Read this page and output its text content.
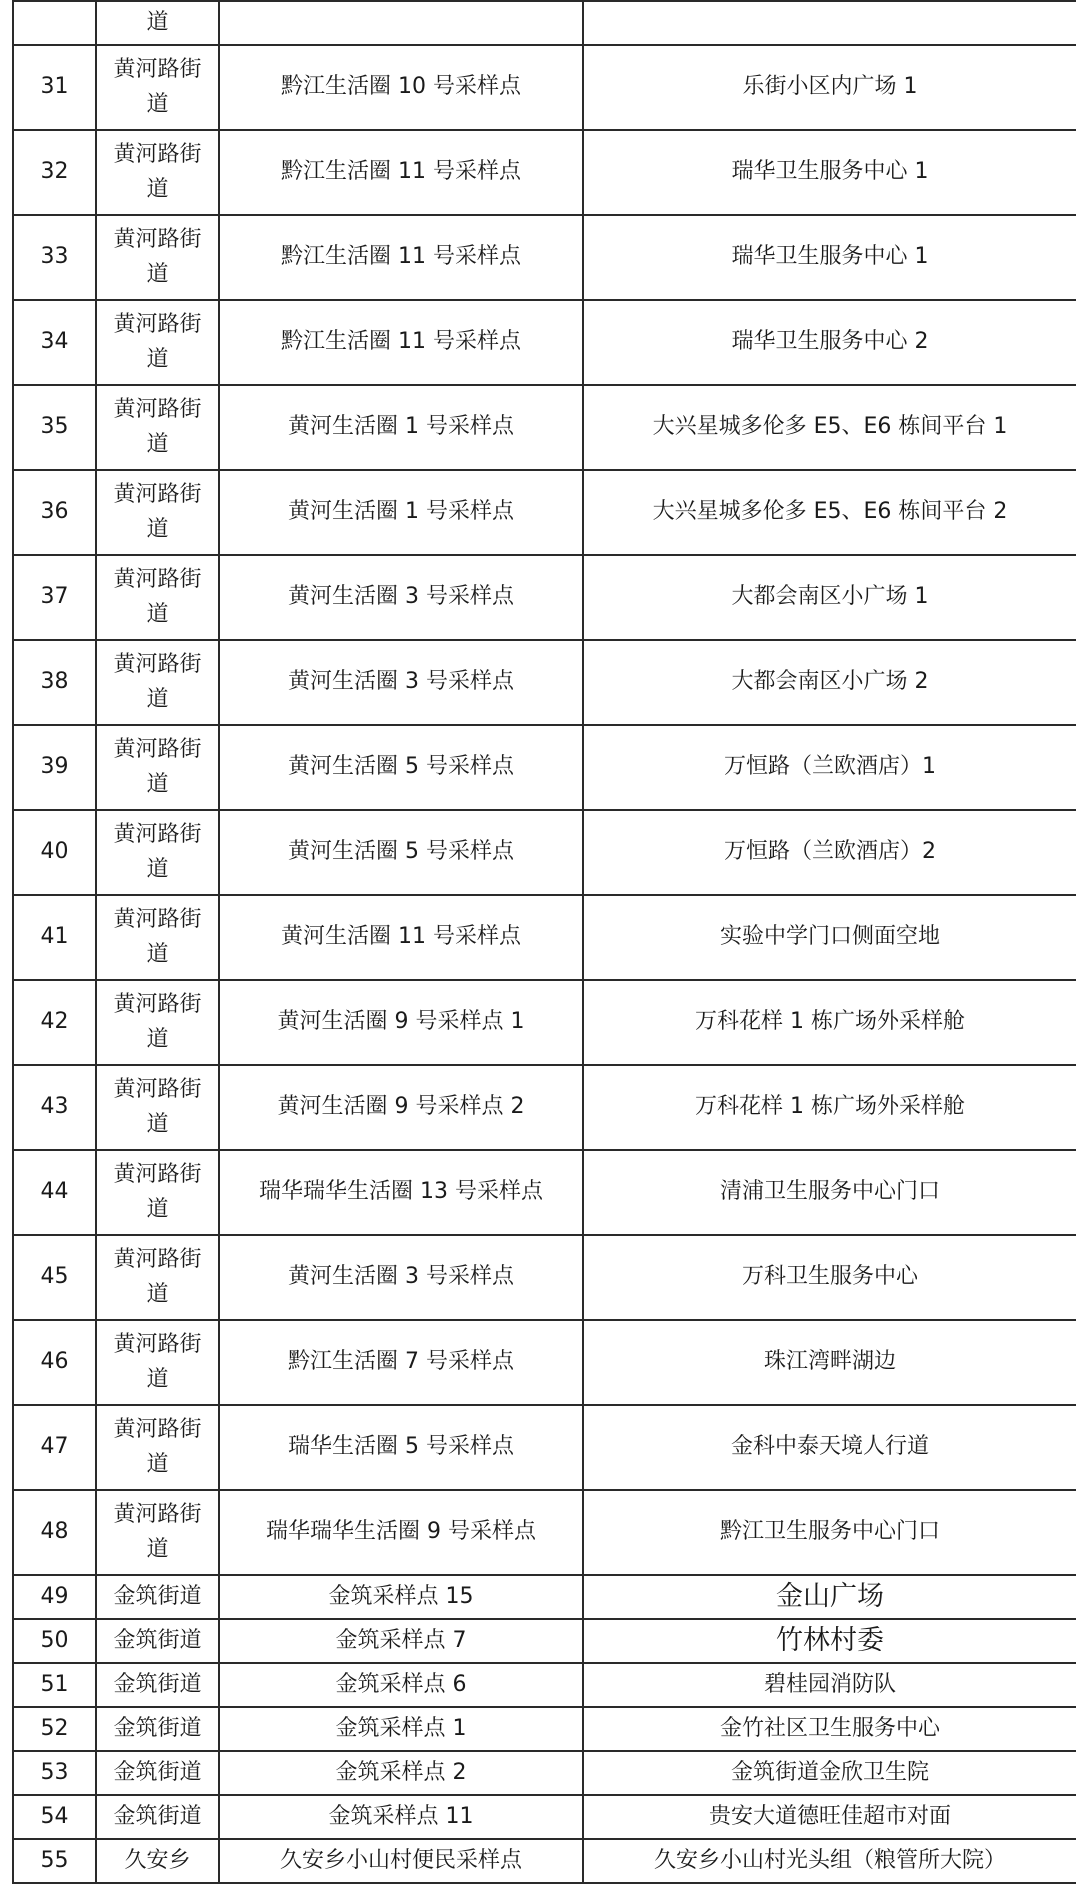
	道		
31	黄河路街道	黔江生活圈 10 号采样点	乐街小区内广场 1
32	黄河路街道	黔江生活圈 11 号采样点	瑞华卫生服务中心 1
33	黄河路街道	黔江生活圈 11 号采样点	瑞华卫生服务中心 1
34	黄河路街道	黔江生活圈 11 号采样点	瑞华卫生服务中心 2
35	黄河路街道	黄河生活圈 1 号采样点	大兴星城多伦多 E5、E6 栋间平台 1
36	黄河路街道	黄河生活圈 1 号采样点	大兴星城多伦多 E5、E6 栋间平台 2
37	黄河路街道	黄河生活圈 3 号采样点	大都会南区小广场 1
38	黄河路街道	黄河生活圈 3 号采样点	大都会南区小广场 2
39	黄河路街道	黄河生活圈 5 号采样点	万恒路（兰欧酒店）1
40	黄河路街道	黄河生活圈 5 号采样点	万恒路（兰欧酒店）2
41	黄河路街道	黄河生活圈 11 号采样点	实验中学门口侧面空地
42	黄河路街道	黄河生活圈 9 号采样点 1	万科花样 1 栋广场外采样舱
43	黄河路街道	黄河生活圈 9 号采样点 2	万科花样 1 栋广场外采样舱
44	黄河路街道	瑞华瑞华生活圈 13 号采样点	清浦卫生服务中心门口
45	黄河路街道	黄河生活圈 3 号采样点	万科卫生服务中心
46	黄河路街道	黔江生活圈 7 号采样点	珠江湾畔湖边
47	黄河路街道	瑞华生活圈 5 号采样点	金科中泰天境人行道
48	黄河路街道	瑞华瑞华生活圈 9 号采样点	黔江卫生服务中心门口
49	金筑街道	金筑采样点 15	金山广场
50	金筑街道	金筑采样点 7	竹林村委
51	金筑街道	金筑采样点 6	碧桂园消防队
52	金筑街道	金筑采样点 1	金竹社区卫生服务中心
53	金筑街道	金筑采样点 2	金筑街道金欣卫生院
54	金筑街道	金筑采样点 11	贵安大道德旺佳超市对面
55	久安乡	久安乡小山村便民采样点	久安乡小山村光头组（粮管所大院）
